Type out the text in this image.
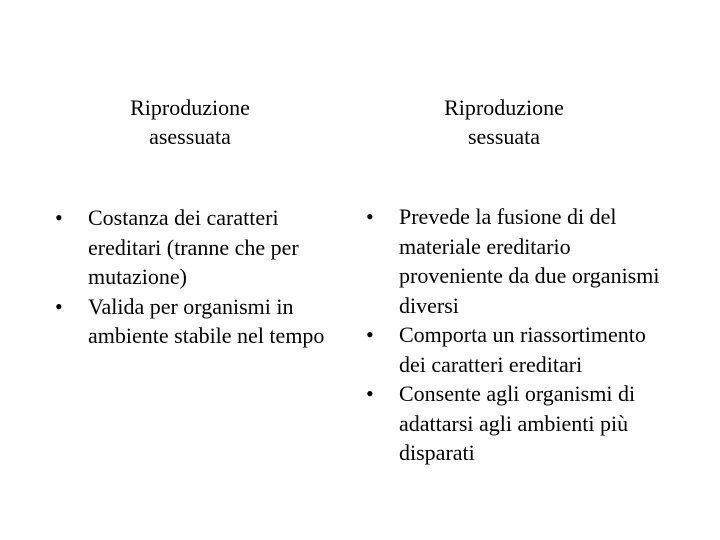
Riproduzione
asessuata
Riproduzione
sessuata
• Costanza dei caratteri ereditari (tranne che per mutazione)
• Valida per organismi in ambiente stabile nel tempo
• Prevede la fusione di del materiale ereditario proveniente da due organismi diversi
• Comporta un riassortimento dei caratteri ereditari
• Consente agli organismi di adattarsi agli ambienti più disparati
